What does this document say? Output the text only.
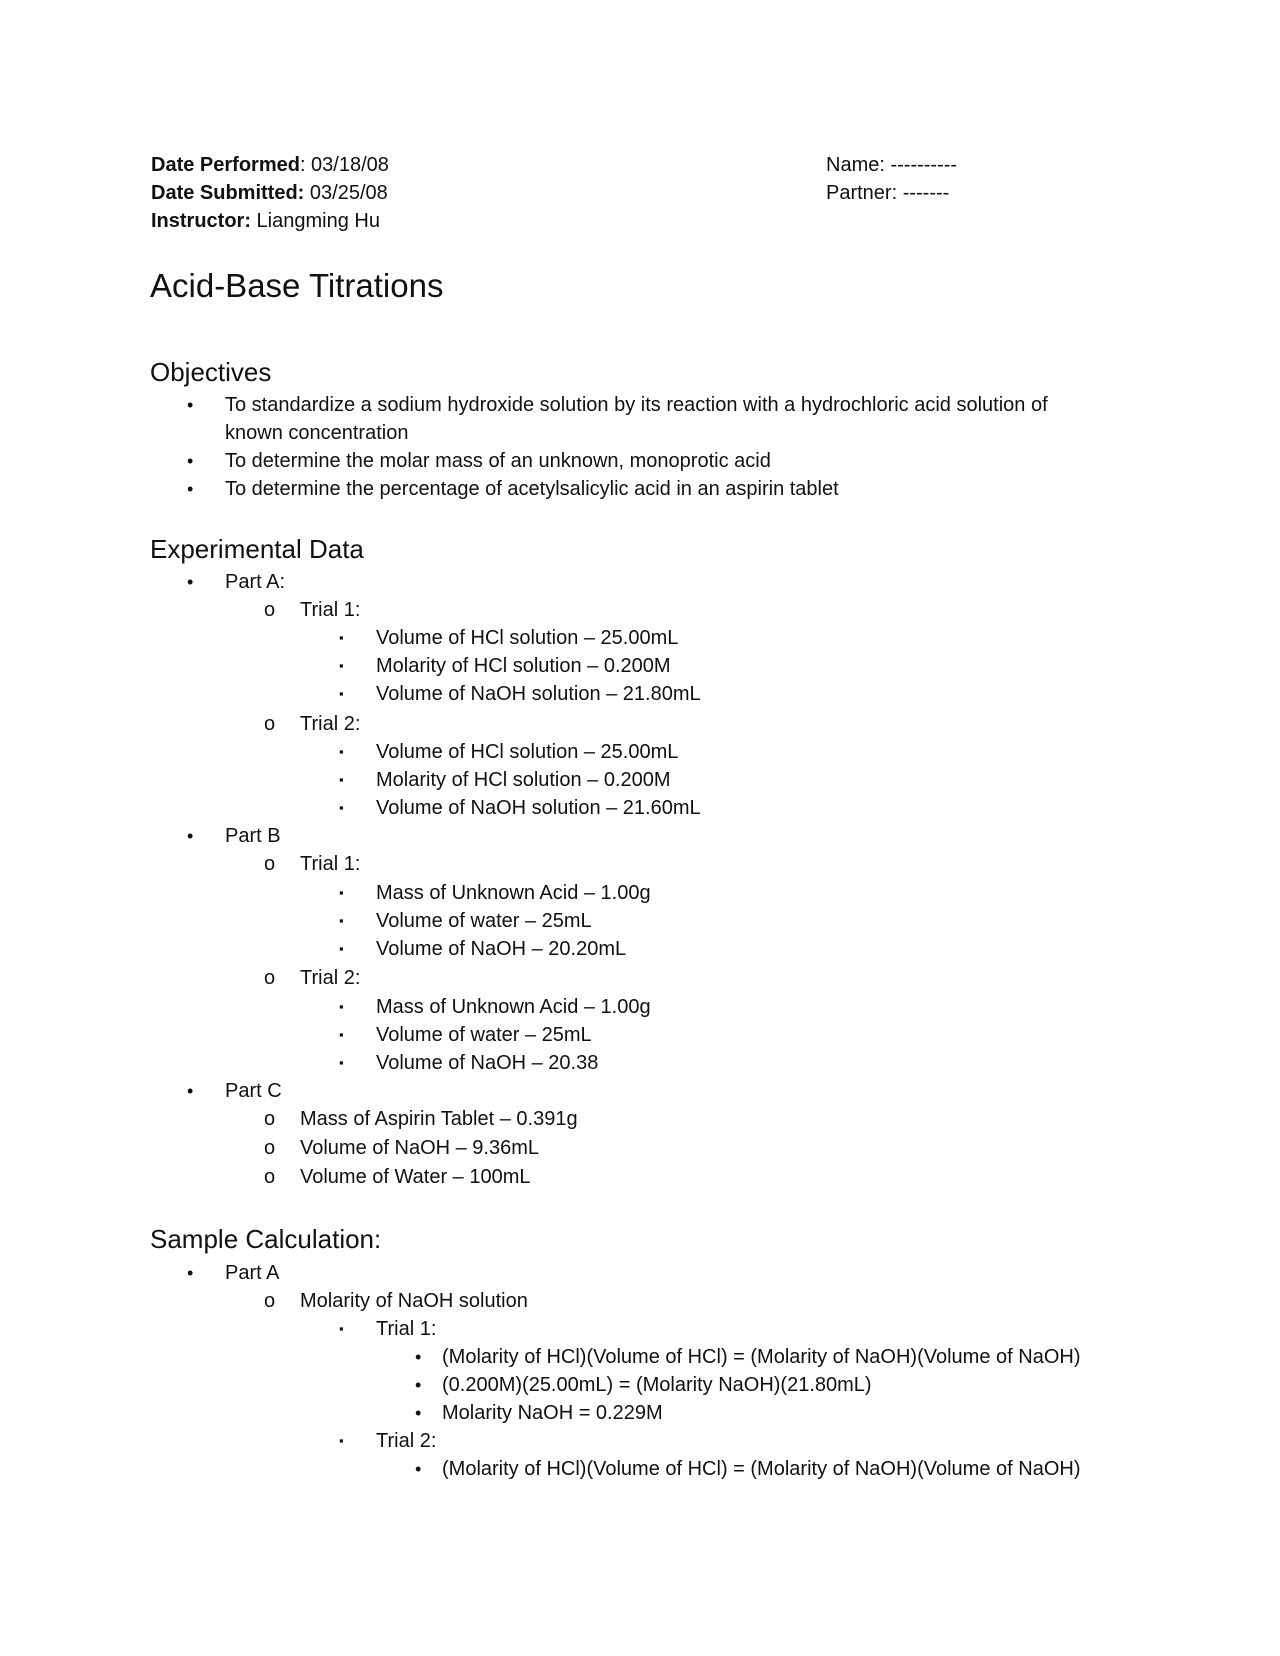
Date Performed: 03/18/08
Date Submitted: 03/25/08
Instructor: Liangming Hu
Name: ----------
Partner: -------
Acid-Base Titrations
Objectives
• To standardize a sodium hydroxide solution by its reaction with a hydrochloric acid solution of
known concentration
• To determine the molar mass of an unknown, monoprotic acid
• To determine the percentage of acetylsalicylic acid in an aspirin tablet
Experimental Data
• Part A:
o Trial 1:
▪ Volume of HCl solution – 25.00mL
▪ Molarity of HCl solution – 0.200M
▪ Volume of NaOH solution – 21.80mL
o Trial 2:
▪ Volume of HCl solution – 25.00mL
▪ Molarity of HCl solution – 0.200M
▪ Volume of NaOH solution – 21.60mL
• Part B
o Trial 1:
▪ Mass of Unknown Acid – 1.00g
▪ Volume of water – 25mL
▪ Volume of NaOH – 20.20mL
o Trial 2:
▪ Mass of Unknown Acid – 1.00g
▪ Volume of water – 25mL
▪ Volume of NaOH – 20.38
• Part C
o Mass of Aspirin Tablet – 0.391g
o Volume of NaOH – 9.36mL
o Volume of Water – 100mL
Sample Calculation:
• Part A
o Molarity of NaOH solution
▪ Trial 1:
• (Molarity of HCl)(Volume of HCl) = (Molarity of NaOH)(Volume of NaOH)
• (0.200M)(25.00mL) = (Molarity NaOH)(21.80mL)
• Molarity NaOH = 0.229M
▪ Trial 2:
• (Molarity of HCl)(Volume of HCl) = (Molarity of NaOH)(Volume of NaOH)
